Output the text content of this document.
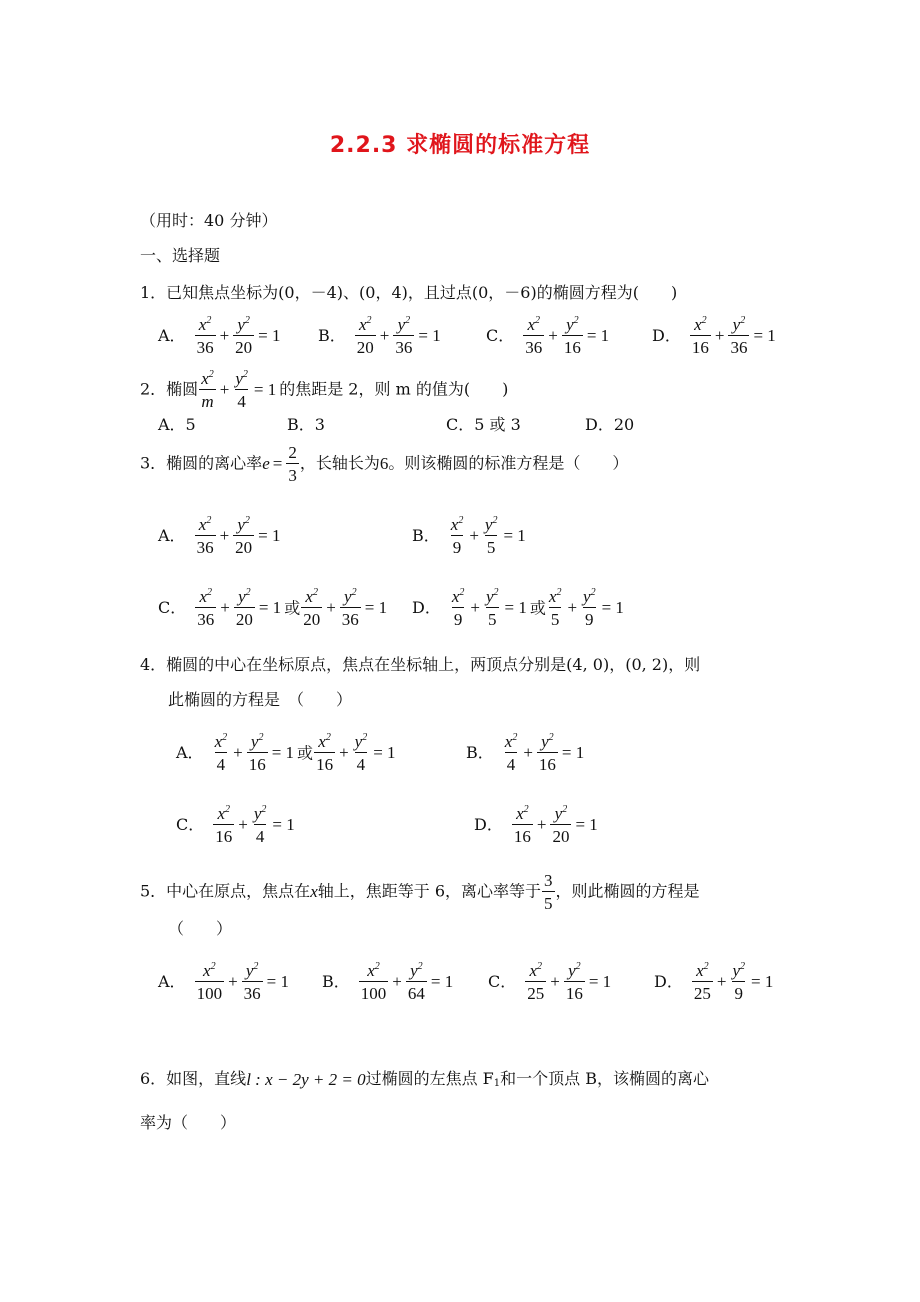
2.2.3 求椭圆的标准方程
（用时：40 分钟）
一、选择题
1．已知焦点坐标为(0，－4)、(0，4)，且过点(0，－6)的椭圆方程为(　　)
A． $\frac{x^2}{36} + \frac{y^2}{20} = 1$ B． $\frac{x^2}{20} + \frac{y^2}{36} = 1$	C． $\frac{x^2}{36} + \frac{y^2}{16} = 1$	D． $\frac{x^2}{16} + \frac{y^2}{36} = 1$
2．椭圆 $\frac{x^2}{m} + \frac{y^2}{4} = 1$ 的焦距是 2，则 m 的值为(　　)
A．5	B．3	C．5 或 3	D．20
3．椭圆的离心率 $e = \frac{2}{3}$ ，长轴长为6。则该椭圆的标准方程是（　　）
A． $\frac{x^2}{36} + \frac{y^2}{20} = 1$	B． $\frac{x^2}{9} + \frac{y^2}{5} = 1$
C． $\frac{x^2}{36} + \frac{y^2}{20} = 1$ 或 $\frac{x^2}{20} + \frac{y^2}{36} = 1$ D． $\frac{x^2}{9} + \frac{y^2}{5} = 1$ 或 $\frac{x^2}{5} + \frac{y^2}{9} = 1$
4．椭圆的中心在坐标原点，焦点在坐标轴上，两顶点分别是(4, 0)，(0, 2)，则
此椭圆的方程是　（　　）
A． $\frac{x^2}{4} + \frac{y^2}{16} = 1$ 或 $\frac{x^2}{16} + \frac{y^2}{4} = 1$	B． $\frac{x^2}{4} + \frac{y^2}{16} = 1$
C． $\frac{x^2}{16} + \frac{y^2}{4} = 1$	D． $\frac{x^2}{16} + \frac{y^2}{20} = 1$
5．中心在原点，焦点在x轴上，焦距等于 6，离心率等于 $\frac{3}{5}$ ，则此椭圆的方程是
（　　）
A． $\frac{x^2}{100} + \frac{y^2}{36} = 1$ B． $\frac{x^2}{100} + \frac{y^2}{64} = 1$ C． $\frac{x^2}{25} + \frac{y^2}{16} = 1$	D． $\frac{x^2}{25} + \frac{y^2}{9} = 1$
6．如图，直线l : x − 2y + 2 = 0过椭圆的左焦点 $F_1$和一个顶点 B，该椭圆的离心
率为（　　）
